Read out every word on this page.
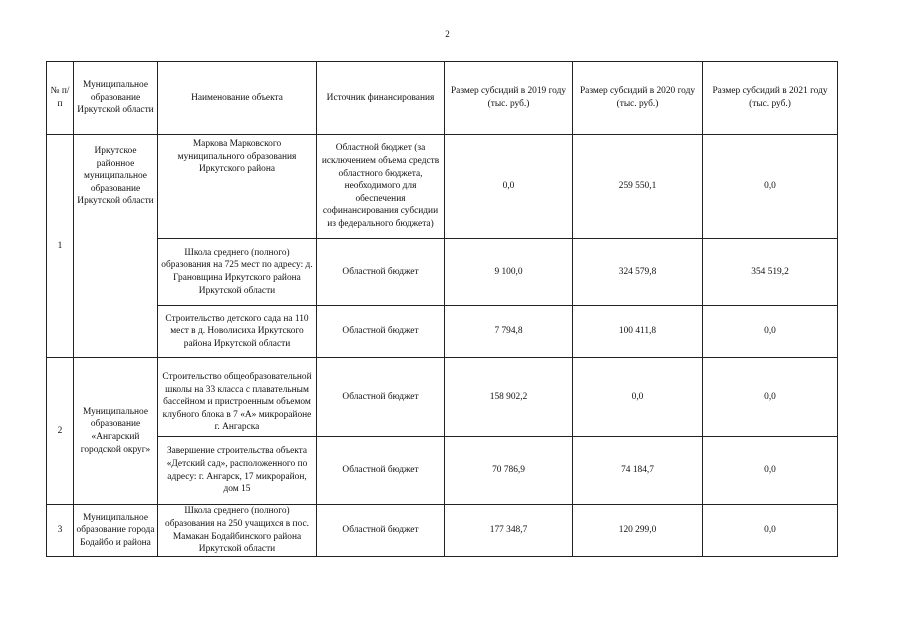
2
№ п/п	Муниципальное образование Иркутской области	Наименование объекта	Источник финансирования	Размер субсидий в 2019 году (тыс. руб.)	Размер субсидий в 2020 году (тыс. руб.)	Размер субсидий в 2021 году (тыс. руб.)
1	Иркутское районное муниципальное образование Иркутской области	Маркова Марковского муниципального образования Иркутского района	Областной бюджет (за исключением объема средств областного бюджета, необходимого для обеспечения софинансирования субсидии из федерального бюджета)	0,0	259 550,1	0,0
		Школа среднего (полного) образования на 725 мест по адресу: д. Грановщина Иркутского района Иркутской области	Областной бюджет	9 100,0	324 579,8	354 519,2
		Строительство детского сада на 110 мест в д. Новолисиха Иркутского района Иркутской области	Областной бюджет	7 794,8	100 411,8	0,0
2	Муниципальное образование «Ангарский городской округ»	Строительство общеобразовательной школы на 33 класса с плавательным бассейном и пристроенным объемом клубного блока в 7 «А» микрорайоне г. Ангарска	Областной бюджет	158 902,2	0,0	0,0
		Завершение строительства объекта «Детский сад», расположенного по адресу: г. Ангарск, 17 микрорайон, дом 15	Областной бюджет	70 786,9	74 184,7	0,0
3	Муниципальное образование города Бодайбо и района	Школа среднего (полного) образования на 250 учащихся в пос. Мамакан Бодайбинского района Иркутской области	Областной бюджет	177 348,7	120 299,0	0,0
